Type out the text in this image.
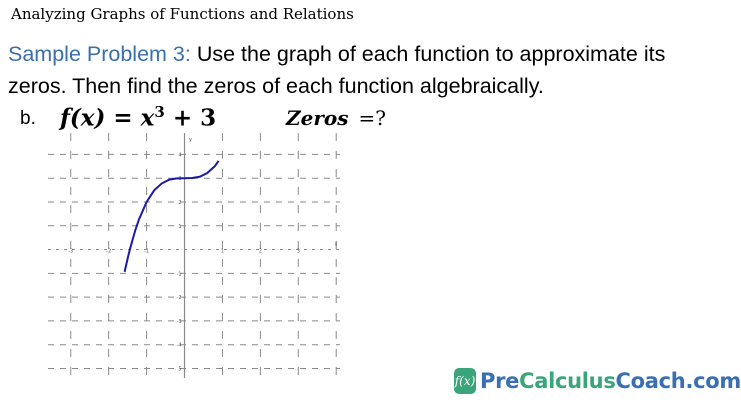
Analyzing Graphs of Functions and Relations
Sample Problem 3: Use the graph of each function to approximate its zeros. Then find the zeros of each function algebraically.
b. $f(x) = x^3 + 3$	Zeros =?
4
3
2
1
-1
-2
-3
-4
5
-3	-2	-1	1	2	3
x
y
f(x) PreCalculusCoach.com
